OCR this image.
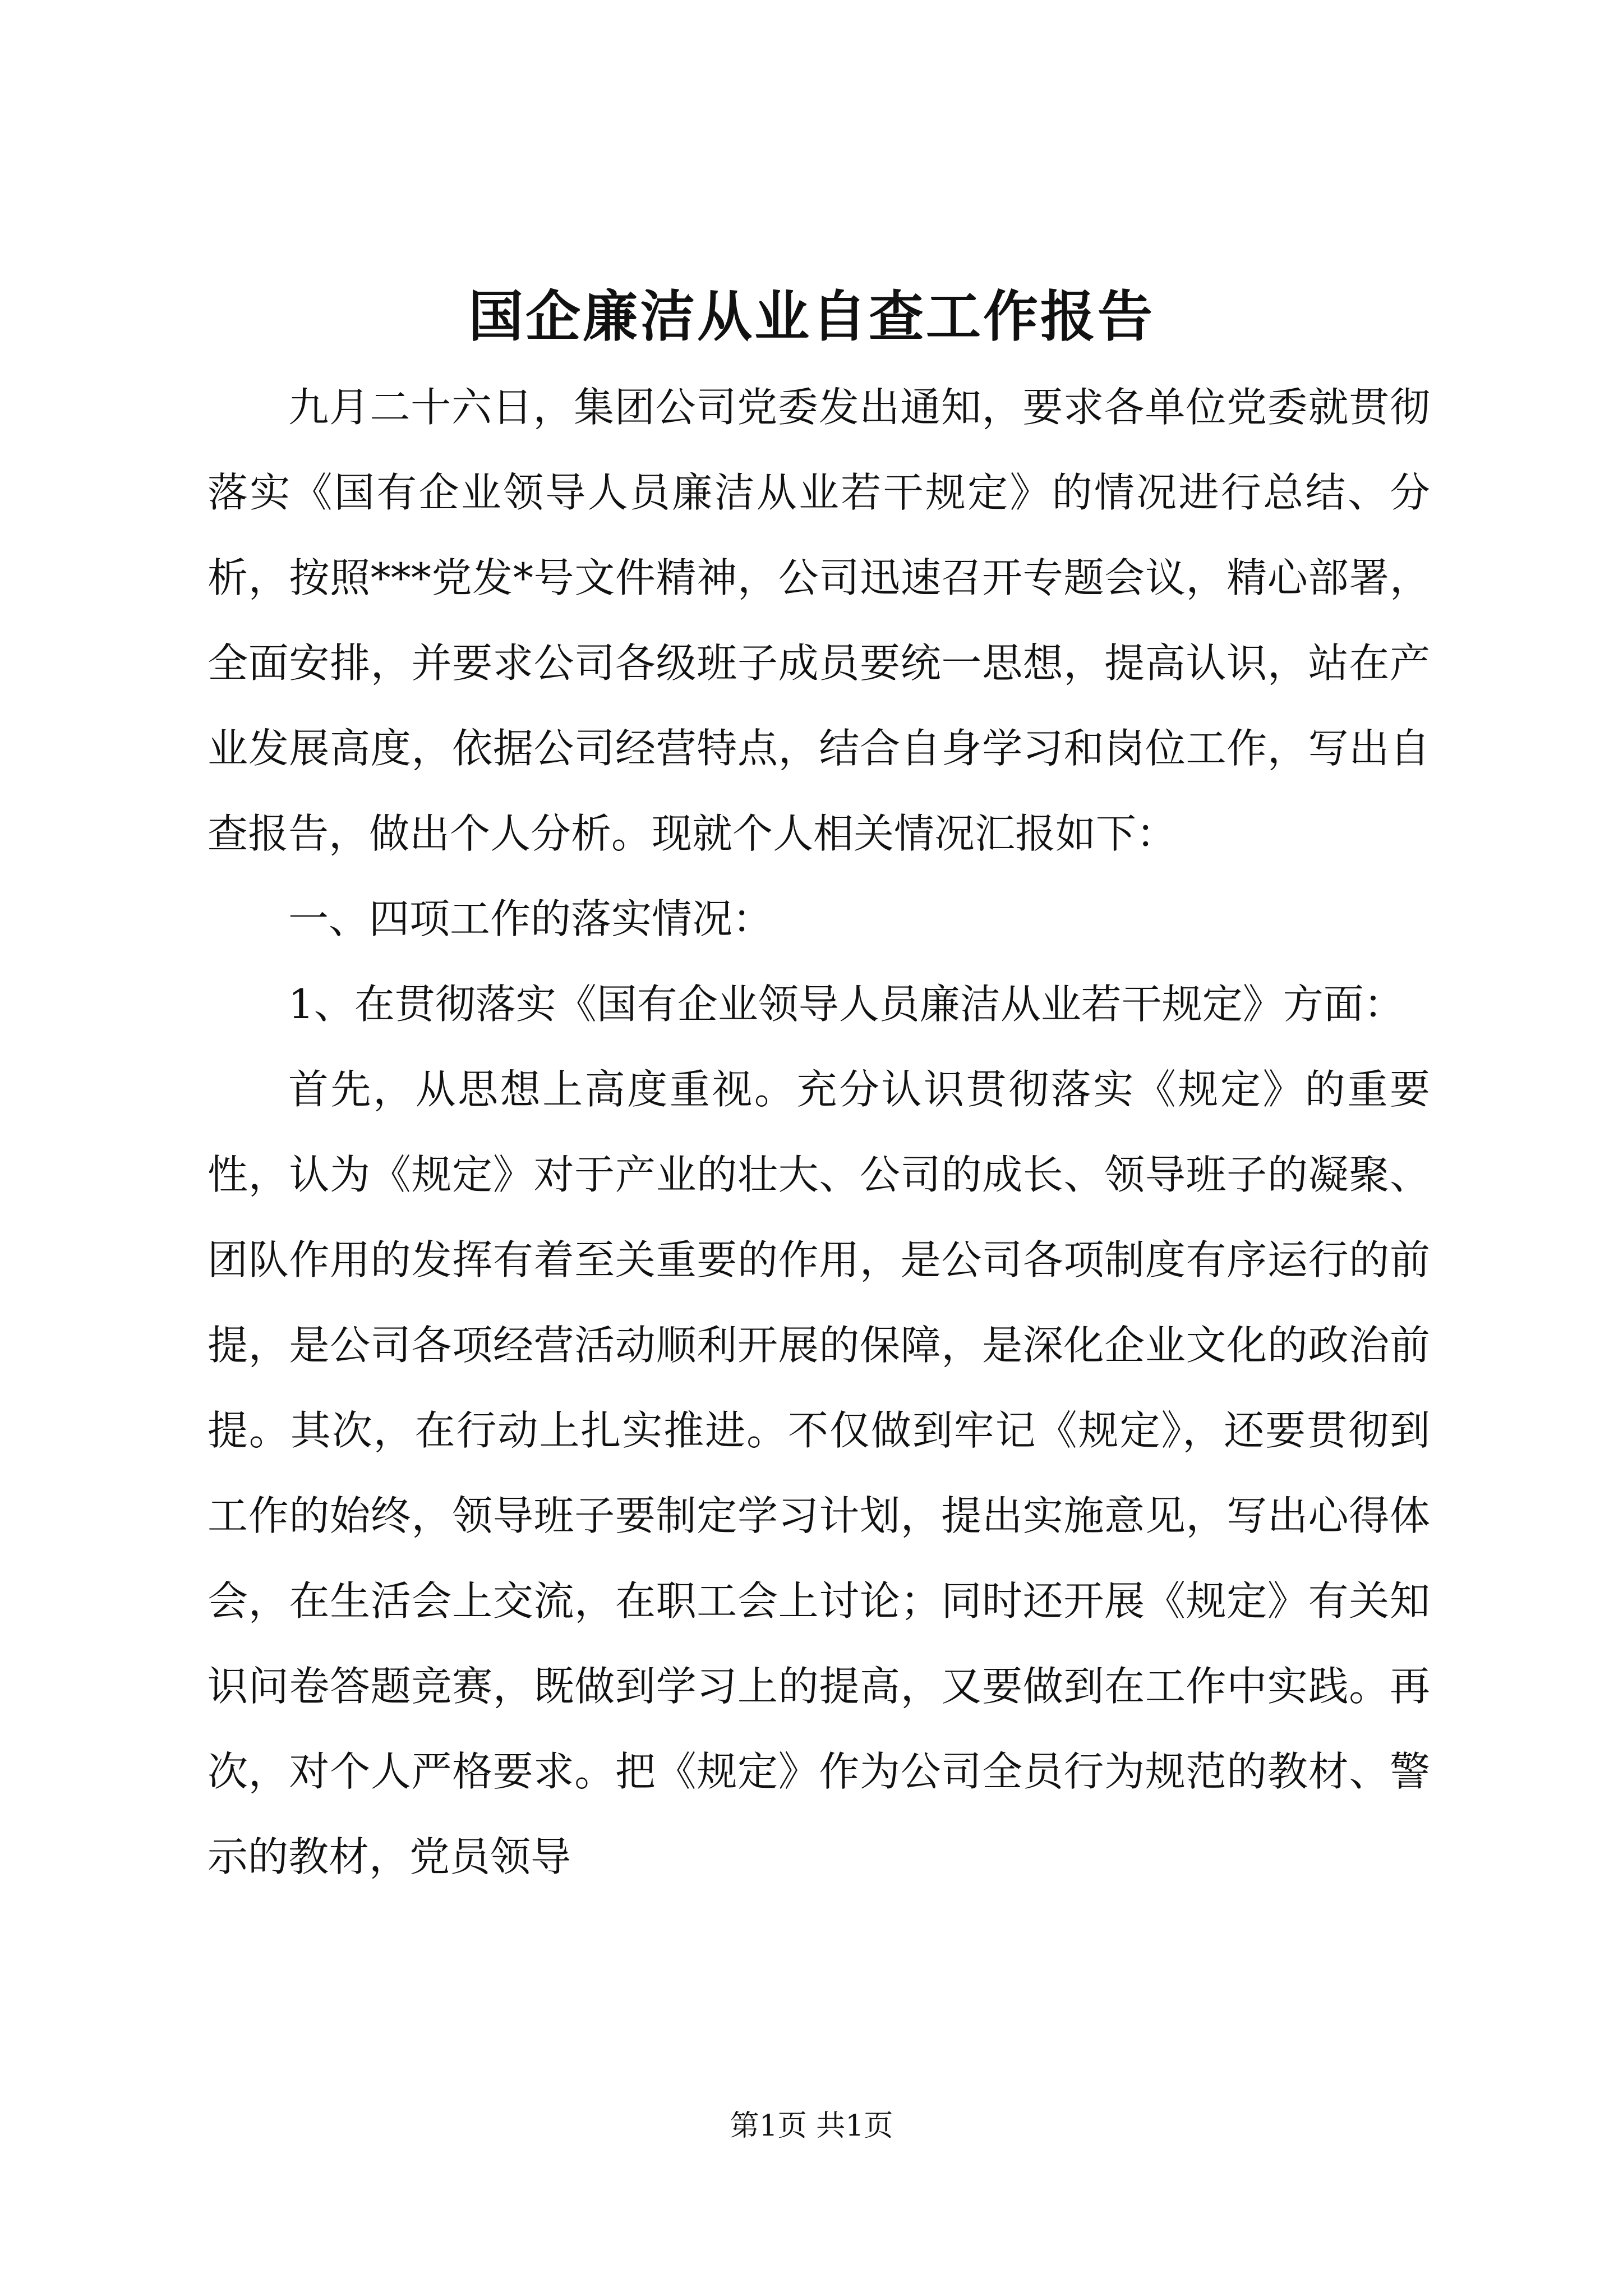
国企廉洁从业自查工作报告

九月二十六日，集团公司党委发出通知，要求各单位党委就贯彻落实《国有企业领导人员廉洁从业若干规定》的情况进行总结、分析，按照***党发*号文件精神，公司迅速召开专题会议，精心部署，全面安排，并要求公司各级班子成员要统一思想，提高认识，站在产业发展高度，依据公司经营特点，结合自身学习和岗位工作，写出自查报告，做出个人分析。现就个人相关情况汇报如下：

一、四项工作的落实情况：

1、在贯彻落实《国有企业领导人员廉洁从业若干规定》方面：

首先，从思想上高度重视。充分认识贯彻落实《规定》的重要性，认为《规定》对于产业的壮大、公司的成长、领导班子的凝聚、团队作用的发挥有着至关重要的作用，是公司各项制度有序运行的前提，是公司各项经营活动顺利开展的保障，是深化企业文化的政治前提。其次，在行动上扎实推进。不仅做到牢记《规定》，还要贯彻到工作的始终，领导班子要制定学习计划，提出实施意见，写出心得体会，在生活会上交流，在职工会上讨论；同时还开展《规定》有关知识问卷答题竞赛，既做到学习上的提高，又要做到在工作中实践。再次，对个人严格要求。把《规定》作为公司全员行为规范的教材、警示的教材，党员领导

第1页 共1页
